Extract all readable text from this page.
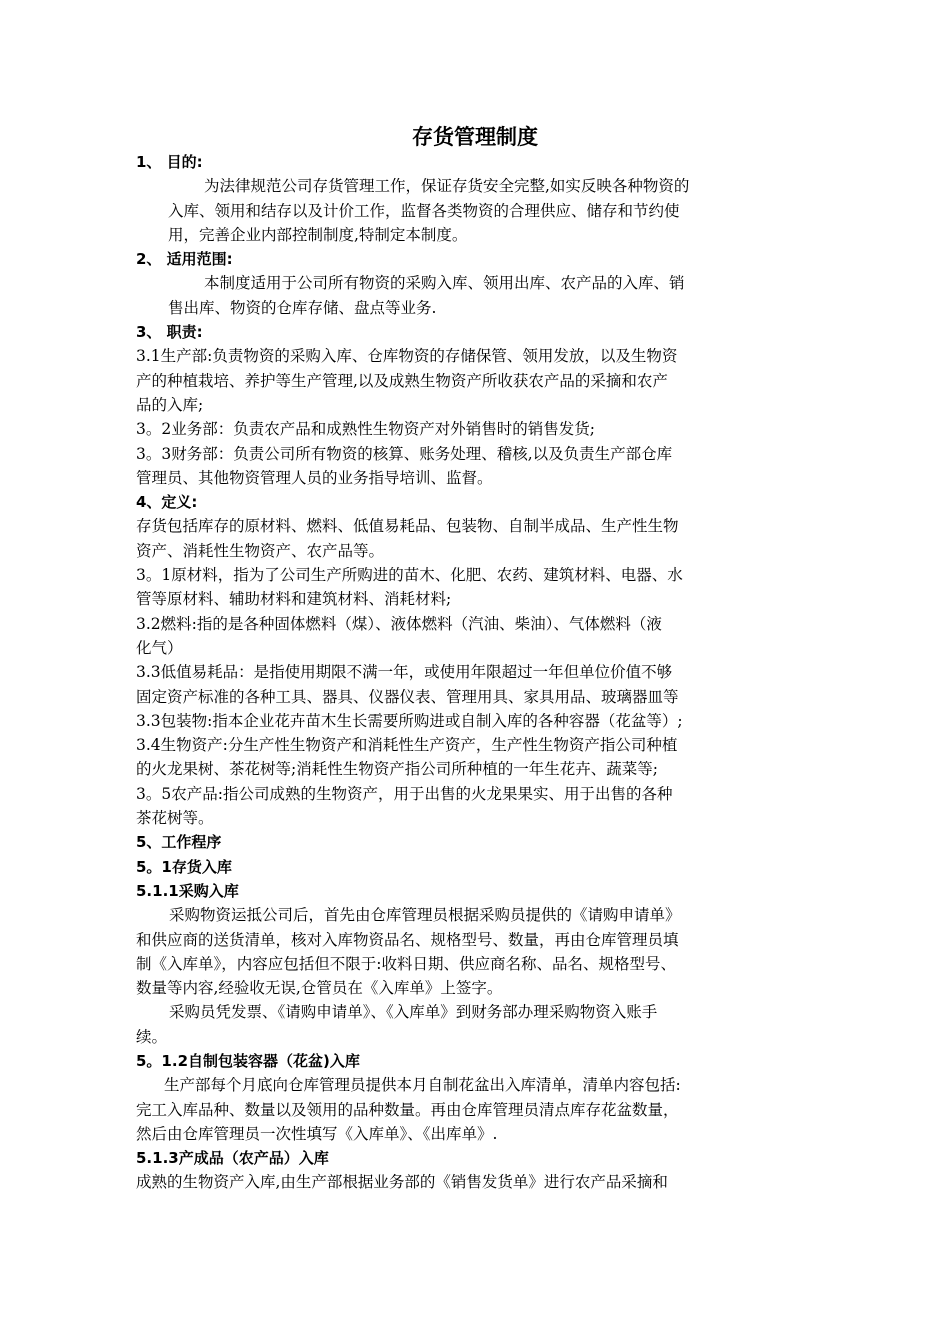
存货管理制度
1、 目的:
为法律规范公司存货管理工作，保证存货安全完整,如实反映各种物资的
入库、领用和结存以及计价工作，监督各类物资的合理供应、储存和节约使
用，完善企业内部控制制度,特制定本制度。
2、 适用范围:
本制度适用于公司所有物资的采购入库、领用出库、农产品的入库、销
售出库、物资的仓库存储、盘点等业务.
3、 职责:
3.1生产部:负责物资的采购入库、仓库物资的存储保管、领用发放，以及生物资
产的种植栽培、养护等生产管理,以及成熟生物资产所收获农产品的采摘和农产
品的入库;
3。2业务部：负责农产品和成熟性生物资产对外销售时的销售发货;
3。3财务部：负责公司所有物资的核算、账务处理、稽核,以及负责生产部仓库
管理员、其他物资管理人员的业务指导培训、监督。
4、定义:
存货包括库存的原材料、燃料、低值易耗品、包装物、自制半成品、生产性生物
资产、消耗性生物资产、农产品等。
3。1原材料，指为了公司生产所购进的苗木、化肥、农药、建筑材料、电器、水
管等原材料、辅助材料和建筑材料、消耗材料;
3.2燃料:指的是各种固体燃料（煤）、液体燃料（汽油、柴油）、气体燃料（液
化气）
3.3低值易耗品：是指使用期限不满一年，或使用年限超过一年但单位价值不够
固定资产标准的各种工具、器具、仪器仪表、管理用具、家具用品、玻璃器皿等
3.3包装物:指本企业花卉苗木生长需要所购进或自制入库的各种容器（花盆等）;
3.4生物资产:分生产性生物资产和消耗性生产资产，生产性生物资产指公司种植
的火龙果树、茶花树等;消耗性生物资产指公司所种植的一年生花卉、蔬菜等;
3。5农产品:指公司成熟的生物资产，用于出售的火龙果果实、用于出售的各种
茶花树等。
5、工作程序
5。1存货入库
5.1.1采购入库
采购物资运抵公司后，首先由仓库管理员根据采购员提供的《请购申请单》
和供应商的送货清单，核对入库物资品名、规格型号、数量，再由仓库管理员填
制《入库单》，内容应包括但不限于:收料日期、供应商名称、品名、规格型号、
数量等内容,经验收无误,仓管员在《入库单》上签字。
采购员凭发票、《请购申请单》、《入库单》到财务部办理采购物资入账手
续。
5。1.2自制包装容器（花盆)入库
生产部每个月底向仓库管理员提供本月自制花盆出入库清单，清单内容包括:
完工入库品种、数量以及领用的品种数量。再由仓库管理员清点库存花盆数量，
然后由仓库管理员一次性填写《入库单》、《出库单》.
5.1.3产成品（农产品）入库
成熟的生物资产入库,由生产部根据业务部的《销售发货单》进行农产品采摘和
